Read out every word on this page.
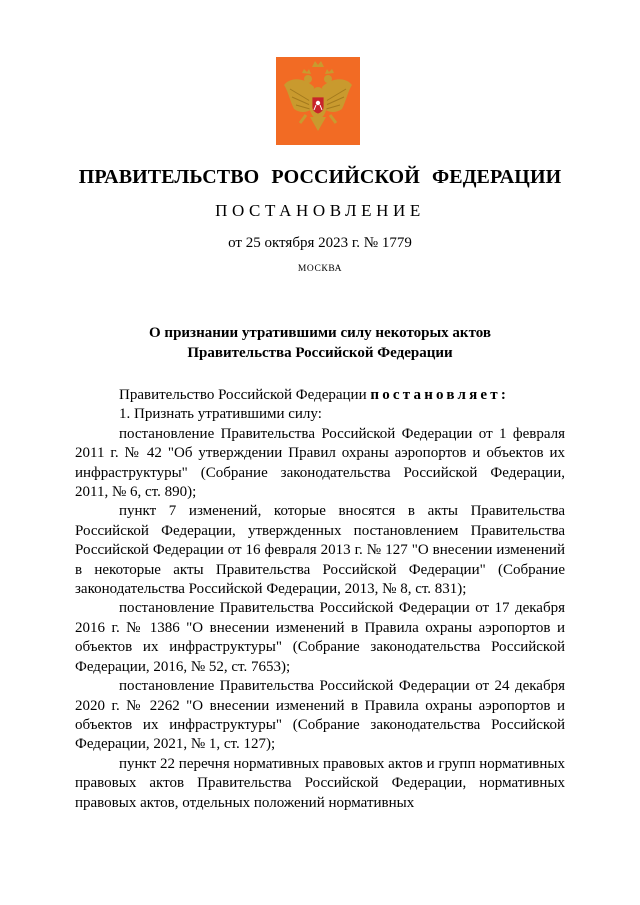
ПРАВИТЕЛЬСТВО РОССИЙСКОЙ ФЕДЕРАЦИИ
ПОСТАНОВЛЕНИЕ
от 25 октября 2023 г. № 1779
МОСКВА
О признании утратившими силу некоторых актов
Правительства Российской Федерации

Правительство Российской Федерации постановляет:

1. Признать утратившими силу:

постановление Правительства Российской Федерации от 1 февраля 2011 г. № 42 "Об утверждении Правил охраны аэропортов и объектов их инфраструктуры" (Собрание законодательства Российской Федерации, 2011, № 6, ст. 890);

пункт 7 изменений, которые вносятся в акты Правительства Российской Федерации, утвержденных постановлением Правительства Российской Федерации от 16 февраля 2013 г. № 127 "О внесении изменений в некоторые акты Правительства Российской Федерации" (Собрание законодательства Российской Федерации, 2013, № 8, ст. 831);

постановление Правительства Российской Федерации от 17 декабря 2016 г. № 1386 "О внесении изменений в Правила охраны аэропортов и объектов их инфраструктуры" (Собрание законодательства Российской Федерации, 2016, № 52, ст. 7653);

постановление Правительства Российской Федерации от 24 декабря 2020 г. № 2262 "О внесении изменений в Правила охраны аэропортов и объектов их инфраструктуры" (Собрание законодательства Российской Федерации, 2021, № 1, ст. 127);

пункт 22 перечня нормативных правовых актов и групп нормативных правовых актов Правительства Российской Федерации, нормативных правовых актов, отдельных положений нормативных
